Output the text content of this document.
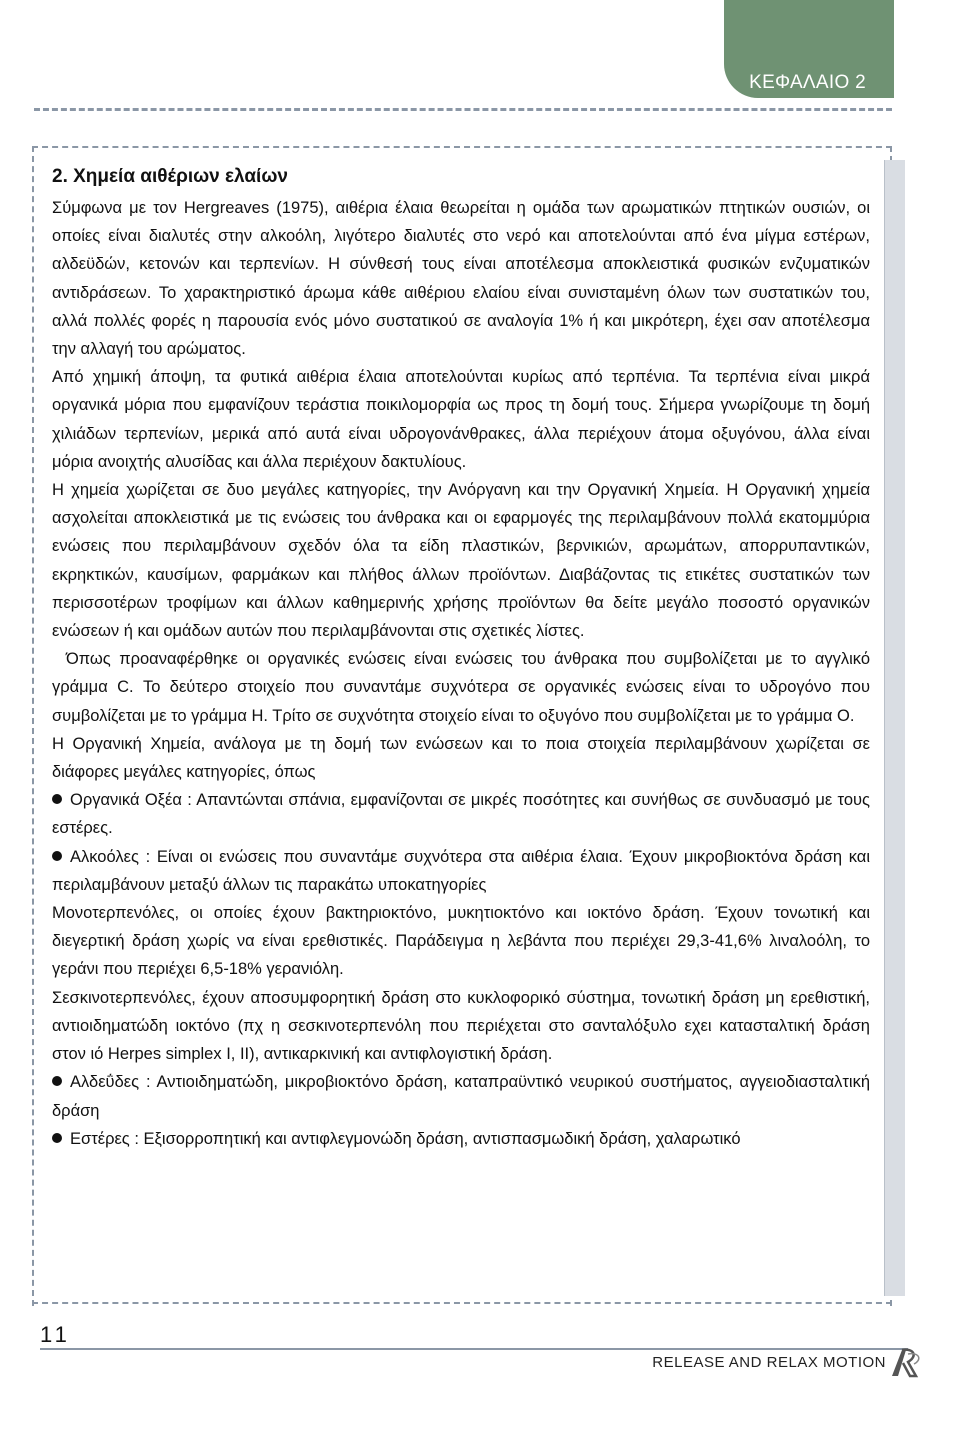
ΚΕΦΑΛΑΙΟ 2
2. Χημεία αιθέριων ελαίων

Σύμφωνα με τον Hergreaves (1975), αιθέρια έλαια θεωρείται η ομάδα των αρωματικών πτητικών ουσιών, οι οποίες είναι διαλυτές στην αλκοόλη, λιγότερο διαλυτές στο νερό και αποτελούνται από ένα μίγμα εστέρων, αλδεϋδών, κετονών και τερπενίων. Η σύνθεσή τους είναι αποτέλεσμα αποκλειστικά φυσικών ενζυματικών αντιδράσεων. Το χαρακτηριστικό άρωμα κάθε αιθέριου ελαίου είναι συνισταμένη όλων των συστατικών του, αλλά πολλές φορές η παρουσία ενός μόνο συστατικού σε αναλογία 1% ή και μικρότερη, έχει σαν αποτέλεσμα την αλλαγή του αρώματος.

Από χημική άποψη, τα φυτικά αιθέρια έλαια αποτελούνται κυρίως από τερπένια. Τα τερπένια είναι μικρά οργανικά μόρια που εμφανίζουν τεράστια ποικιλομορφία ως προς τη δομή τους. Σήμερα γνωρίζουμε τη δομή χιλιάδων τερπενίων, μερικά από αυτά είναι υδρογονάνθρακες, άλλα περιέχουν άτομα οξυγόνου, άλλα είναι μόρια ανοιχτής αλυσίδας και άλλα περιέχουν δακτυλίους.

Η χημεία χωρίζεται σε δυο μεγάλες κατηγορίες, την Ανόργανη και την Οργανική Χημεία. Η Οργανική χημεία ασχολείται αποκλειστικά με τις ενώσεις του άνθρακα και οι εφαρμογές της περιλαμβάνουν πολλά εκατομμύρια ενώσεις που περιλαμβάνουν σχεδόν όλα τα είδη πλαστικών, βερνικιών, αρωμάτων, απορρυπαντικών, εκρηκτικών, καυσίμων, φαρμάκων και πλήθος άλλων προϊόντων. Διαβάζοντας τις ετικέτες συστατικών των περισσοτέρων τροφίμων και άλλων καθημερινής χρήσης προϊόντων θα δείτε μεγάλο ποσοστό οργανικών ενώσεων ή και ομάδων αυτών που περιλαμβάνονται στις σχετικές λίστες.

Όπως προαναφέρθηκε οι οργανικές ενώσεις είναι ενώσεις του άνθρακα που συμβολίζεται με το αγγλικό γράμμα C. Το δεύτερο στοιχείο που συναντάμε συχνότερα σε οργανικές ενώσεις είναι το υδρογόνο που συμβολίζεται με το γράμμα Η. Τρίτο σε συχνότητα στοιχείο είναι το οξυγόνο που συμβολίζεται με το γράμμα Ο.

Η Οργανική Χημεία, ανάλογα με τη δομή των ενώσεων και το ποια στοιχεία περιλαμβάνουν χωρίζεται σε διάφορες μεγάλες κατηγορίες, όπως

Οργανικά Οξέα : Απαντώνται σπάνια, εμφανίζονται σε μικρές ποσότητες και συνήθως σε συνδυασμό με τους εστέρες.

Αλκοόλες : Είναι οι ενώσεις που συναντάμε συχνότερα στα αιθέρια έλαια. Έχουν μικροβιοκτόνα δράση και περιλαμβάνουν μεταξύ άλλων τις παρακάτω υποκατηγορίες

Μονοτερπενόλες, οι οποίες έχουν βακτηριοκτόνο, μυκητιοκτόνο και ιοκτόνο δράση. Έχουν τονωτική και διεγερτική δράση χωρίς να είναι ερεθιστικές. Παράδειγμα η λεβάντα που περιέχει 29,3-41,6% λιναλοόλη, το γεράνι που περιέχει 6,5-18% γερανιόλη.

Σεσκινοτερπενόλες, έχουν αποσυμφορητική δράση στο κυκλοφορικό σύστημα, τονωτική δράση μη ερεθιστική, αντιοιδηματώδη ιοκτόνο (πχ η σεσκινοτερπενόλη που περιέχεται στο σανταλόξυλο εχει κατασταλτική δράση στον ιό Herpes simplex I, II), αντικαρκινική και αντιφλογιστική δράση.

Αλδεΰδες : Αντιοιδηματώδη, μικροβιοκτόνο δράση, καταπραϋντικό νευρικού συστήματος, αγγειοδιασταλτική δράση

Εστέρες : Εξισορροπητική και αντιφλεγμονώδη δράση, αντισπασμωδική δράση, χαλαρωτικό

11
RELEASE AND RELAX MOTION
